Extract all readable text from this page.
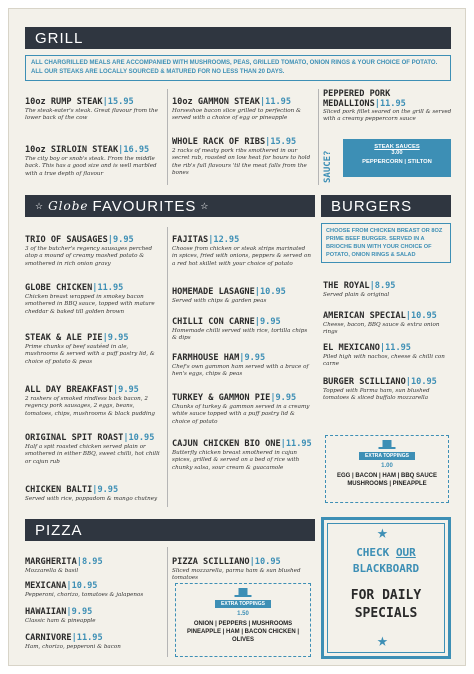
GRILL
ALL CHARGRILLED MEALS ARE ACCOMPANIED WITH MUSHROOMS, PEAS, GRILLED TOMATO, ONION RINGS & YOUR CHOICE OF POTATO. ALL OUR STEAKS ARE LOCALLY SOURCED & MATURED FOR NO LESS THAN 20 DAYS.
10oz RUMP STEAK|15.95
The steak-eater's steak. Great flavour from the lower back of the cow
10oz SIRLOIN STEAK|16.95
The city boy or snob's steak. From the middle back. This has a good size and is well marbled with a true depth of flavour
10oz GAMMON STEAK|11.95
Horseshoe bacon slice grilled to perfection & served with a choice of egg or pineapple
WHOLE RACK OF RIBS|15.95
2 racks of meaty pork ribs smothered in our secret rub, roasted on low heat for hours to hold the rib's full flavours 'til the meat falls from the bones
PEPPERED PORK MEDALLIONS|11.95
Sliced pork fillet seared on the grill & served with a creamy peppercorn sauce
SAUCE?
STEAK SAUCES
3.00
PEPPERCORN | STILTON
☆ Globe FAVOURITES ☆
TRIO OF SAUSAGES|9.95
3 of the butcher's regency sausages perched atop a mound of creamy mashed potato & smothered in rich onion gravy
GLOBE CHICKEN|11.95
Chicken breast wrapped in smokey bacon smothered in BBQ sauce, topped with mature cheddar & baked till golden brown
STEAK & ALE PIE|9.95
Prime chunks of beef sautéed in ale, mushrooms & served with a puff pastry lid, & choice of potato & peas
ALL DAY BREAKFAST|9.95
2 rashers of smoked rindless back bacon, 2 regency pork sausages, 2 eggs, beans, tomatoes, chips, mushrooms & black pudding
ORIGINAL SPIT ROAST|10.95
Half a spit roasted chicken served plain or smothered in either BBQ, sweet chilli, hot chilli or cajun rub
CHICKEN BALTI|9.95
Served with rice, poppadom & mango chutney
FAJITAS|12.95
Choose from chicken or steak strips marinated in spices, fried with onions, peppers & served on a red hot skillet with your choice of potato
HOMEMADE LASAGNE|10.95
Served with chips & garden peas
CHILLI CON CARNE|9.95
Homemade chilli served with rice, tortilla chips & dips
FARMHOUSE HAM|9.95
Chef's own gammon ham served with a brace of hen's eggs, chips & peas
TURKEY & GAMMON PIE|9.95
Chunks of turkey & gammon served in a creamy white sauce topped with a puff pastry lid & choice of potato
CAJUN CHICKEN BIO ONE|11.95
Butterfly chicken breast smothered in cajun spices, grilled & served on a bed of rice with chunky salsa, sour cream & guacamole
BURGERS
CHOOSE FROM CHICKEN BREAST OR 8OZ PRIME BEEF BURGER. SERVED IN A BRIOCHE BUN WITH YOUR CHOICE OF POTATO, ONION RINGS & SALAD
THE ROYAL|8.95
Served plain & original
AMERICAN SPECIAL|10.95
Cheese, bacon, BBQ sauce & extra onion rings
EL MEXICANO|11.95
Piled high with nachos, cheese & chilli con carne
BURGER SCILLIANO|10.95
Topped with Parma ham, sun blushed tomatoes & sliced buffalo mozzarella
EXTRA TOPPINGS
1.00
EGG | BACON | HAM | BBQ SAUCE MUSHROOMS | PINEAPPLE
PIZZA
MARGHERITA|8.95
Mozzarella & basil
MEXICANA|10.95
Pepperoni, chorizo, tomatoes & jalapenos
HAWAIIAN|9.95
Classic ham & pineapple
CARNIVORE|11.95
Ham, chorizo, pepperoni & bacon
PIZZA SCILLIANO|10.95
Sliced mozzarella, parma ham & sun blushed tomatoes
EXTRA TOPPINGS
1.50
ONION | PEPPERS | MUSHROOMS PINEAPPLE | HAM | BACON CHICKEN | OLIVES
★
CHECK OUR
BLACKBOARD
FOR DAILY
SPECIALS
★
